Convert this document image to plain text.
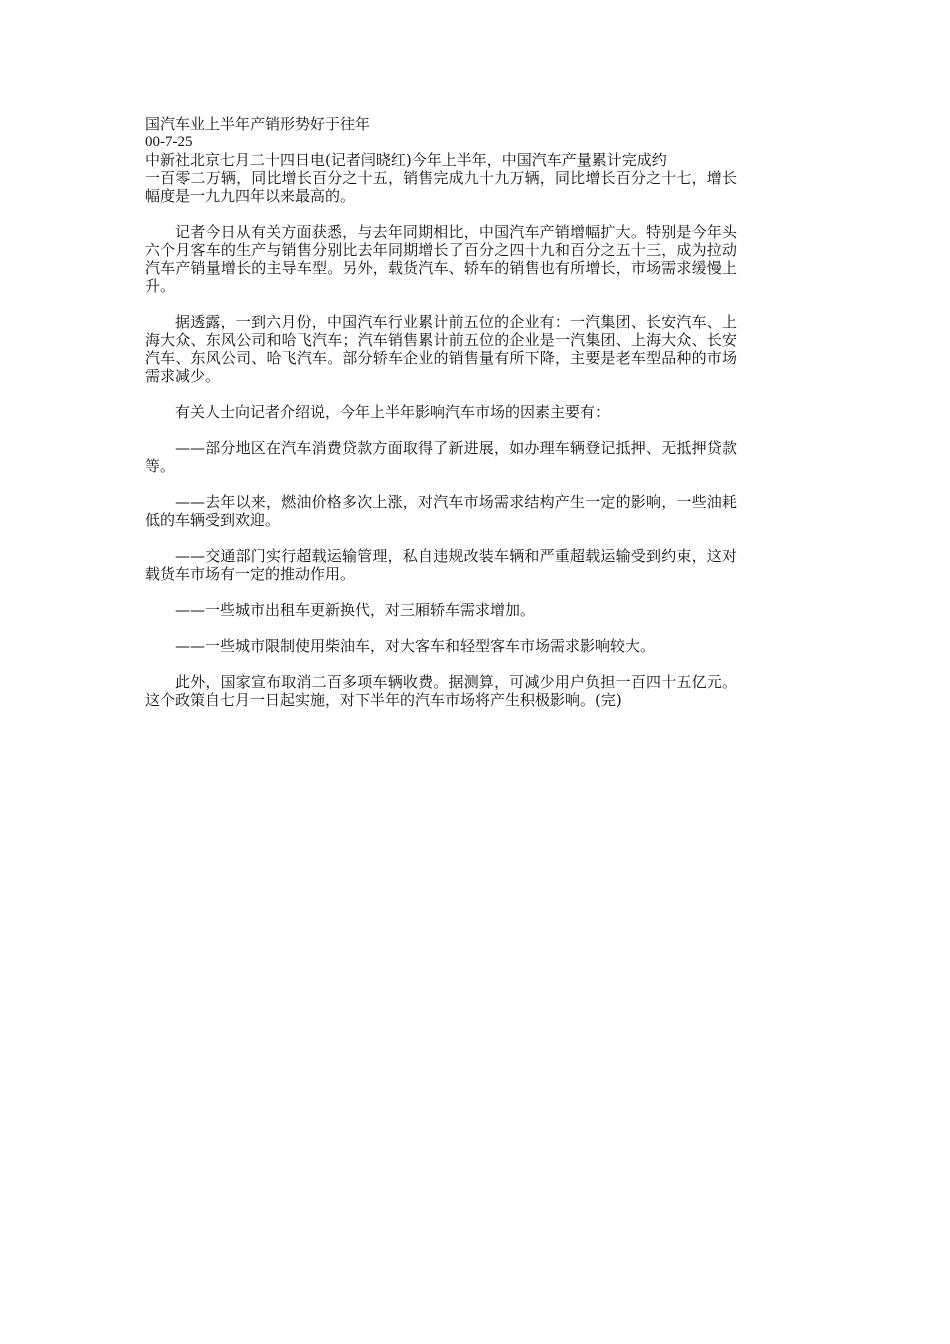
国汽车业上半年产销形势好于往年

00-7-25

中新社北京七月二十四日电(记者闫晓红)今年上半年，中国汽车产量累计完成约
一百零二万辆，同比增长百分之十五，销售完成九十九万辆，同比增长百分之十七，增长幅度是一九九四年以来最高的。

记者今日从有关方面获悉，与去年同期相比，中国汽车产销增幅扩大。特别是今年头六个月客车的生产与销售分别比去年同期增长了百分之四十九和百分之五十三，成为拉动汽车产销量增长的主导车型。另外，载货汽车、轿车的销售也有所增长，市场需求缓慢上升。

据透露，一到六月份，中国汽车行业累计前五位的企业有：一汽集团、长安汽车、上海大众、东风公司和哈飞汽车；汽车销售累计前五位的企业是一汽集团、上海大众、长安汽车、东风公司、哈飞汽车。部分轿车企业的销售量有所下降，主要是老车型品种的市场需求减少。

有关人士向记者介绍说，今年上半年影响汽车市场的因素主要有：

——部分地区在汽车消费贷款方面取得了新进展，如办理车辆登记抵押、无抵押贷款等。

——去年以来，燃油价格多次上涨，对汽车市场需求结构产生一定的影响，一些油耗低的车辆受到欢迎。

——交通部门实行超载运输管理，私自违规改装车辆和严重超载运输受到约束，这对载货车市场有一定的推动作用。

——一些城市出租车更新换代，对三厢轿车需求增加。

——一些城市限制使用柴油车，对大客车和轻型客车市场需求影响较大。

此外，国家宣布取消二百多项车辆收费。据测算，可减少用户负担一百四十五亿元。这个政策自七月一日起实施，对下半年的汽车市场将产生积极影响。(完)
